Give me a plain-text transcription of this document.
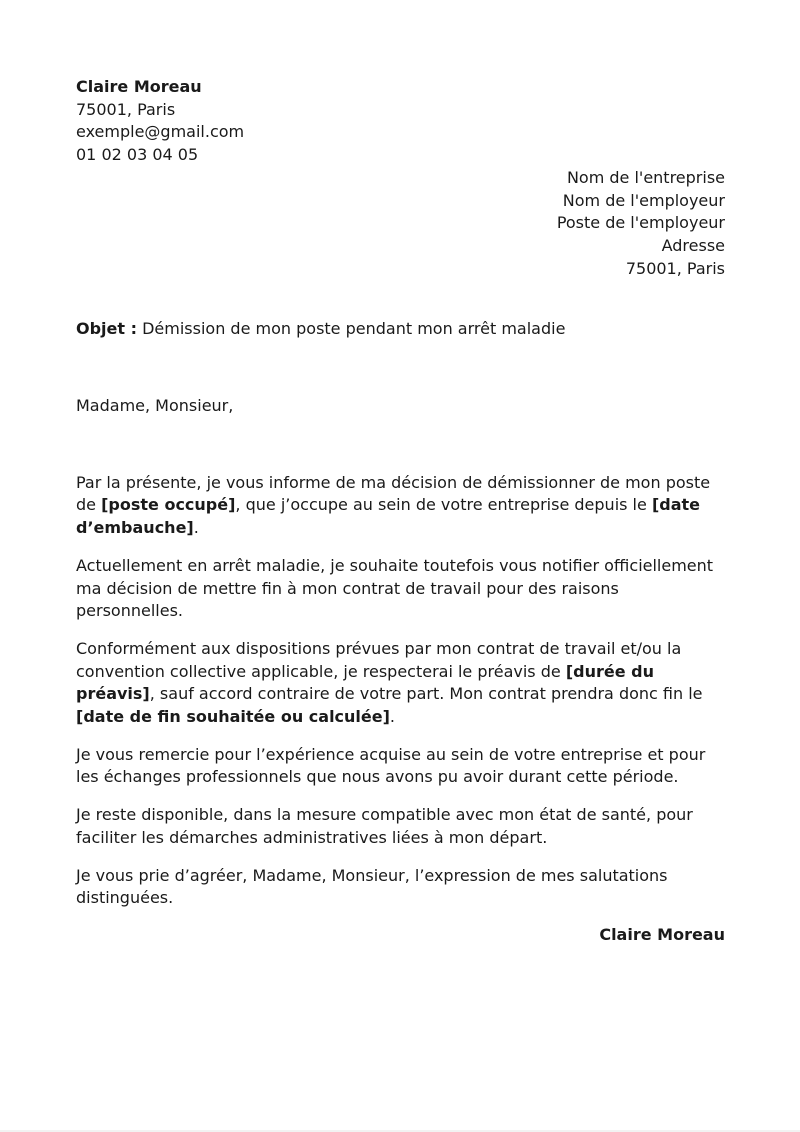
Claire Moreau
75001, Paris
exemple@gmail.com
01 02 03 04 05
Nom de l'entreprise
Nom de l'employeur
Poste de l'employeur
Adresse
75001, Paris
Objet : Démission de mon poste pendant mon arrêt maladie
Madame, Monsieur,

Par la présente, je vous informe de ma décision de démissionner de mon poste de [poste occupé], que j’occupe au sein de votre entreprise depuis le [date d’embauche].

Actuellement en arrêt maladie, je souhaite toutefois vous notifier officiellement ma décision de mettre fin à mon contrat de travail pour des raisons personnelles.

Conformément aux dispositions prévues par mon contrat de travail et/ou la convention collective applicable, je respecterai le préavis de [durée du préavis], sauf accord contraire de votre part. Mon contrat prendra donc fin le [date de fin souhaitée ou calculée].

Je vous remercie pour l’expérience acquise au sein de votre entreprise et pour les échanges professionnels que nous avons pu avoir durant cette période.

Je reste disponible, dans la mesure compatible avec mon état de santé, pour faciliter les démarches administratives liées à mon départ.

Je vous prie d’agréer, Madame, Monsieur, l’expression de mes salutations distinguées.

Claire Moreau
